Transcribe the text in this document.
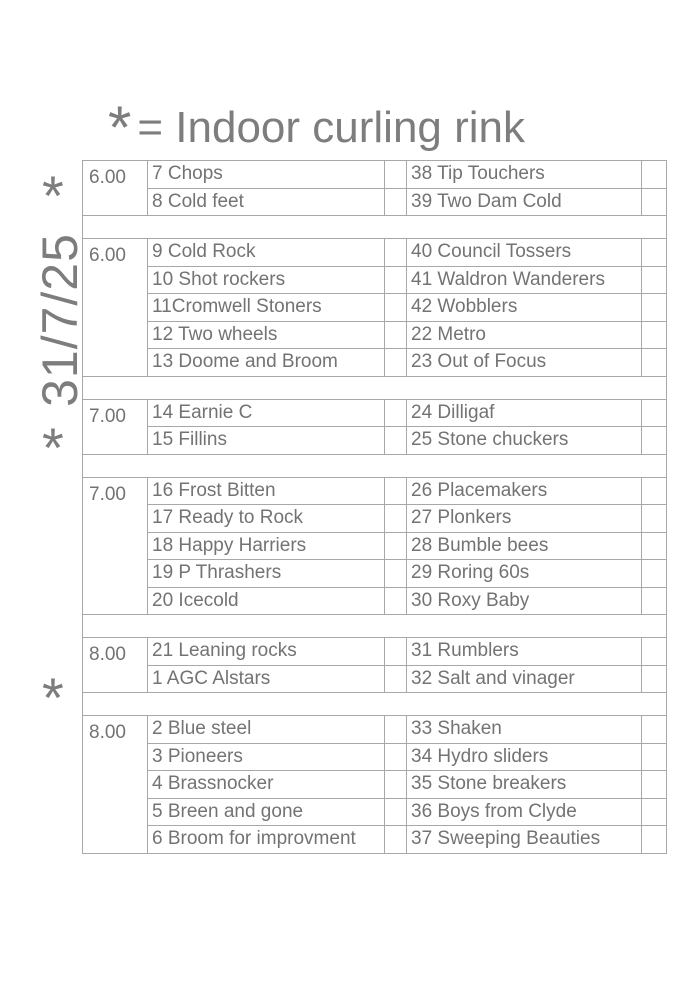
* = Indoor curling rink
*
31/7/25
*
*
6.00	7 Chops		38 Tip Touchers	
	8 Cold feet		39 Two Dam Cold	

6.00	9 Cold Rock		40 Council Tossers	
	10 Shot rockers		41 Waldron Wanderers	
	11Cromwell Stoners		42 Wobblers	
	12 Two wheels		22 Metro	
	13 Doome and Broom		23 Out of Focus	

7.00	14 Earnie C		24 Dilligaf	
	15 Fillins		25 Stone chuckers	

7.00	16 Frost Bitten		26 Placemakers	
	17 Ready to Rock		27 Plonkers	
	18 Happy Harriers		28 Bumble bees	
	19 P Thrashers		29 Roring 60s	
	20 Icecold		30 Roxy Baby	

8.00	21 Leaning rocks		31 Rumblers	
	1 AGC Alstars		32 Salt and vinager	

8.00	2 Blue steel		33 Shaken	
	3 Pioneers		34 Hydro sliders	
	4 Brassnocker		35 Stone breakers	
	5 Breen and gone		36 Boys from Clyde	
	6 Broom for improvment		37 Sweeping Beauties	
